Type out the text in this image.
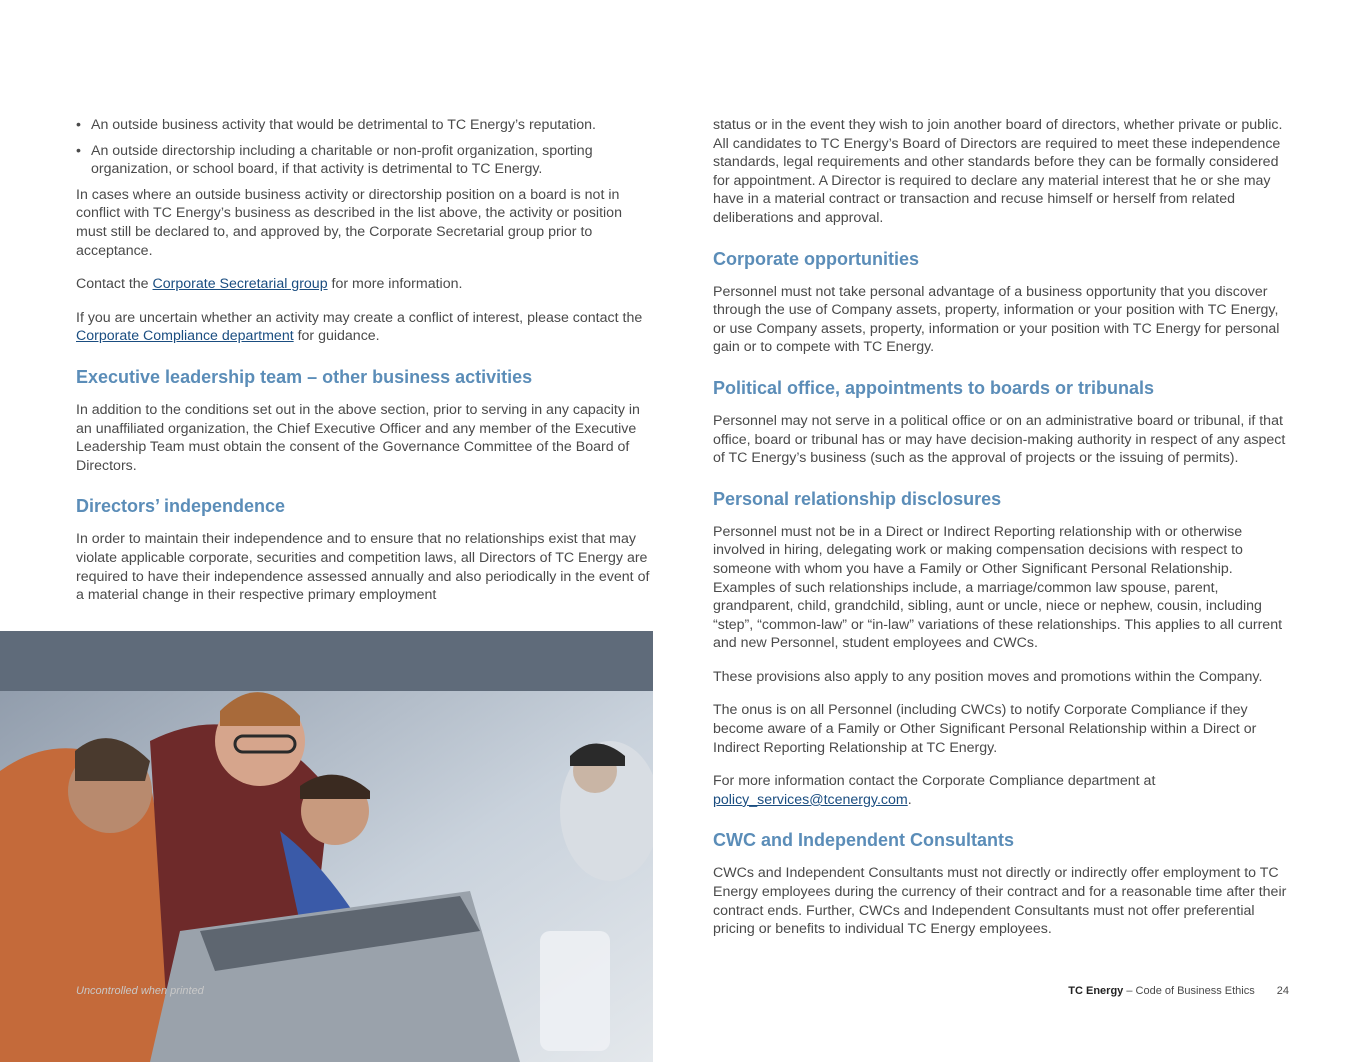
• An outside business activity that would be detrimental to TC Energy’s reputation.
• An outside directorship including a charitable or non-profit organization, sporting organization, or school board, if that activity is detrimental to TC Energy.

In cases where an outside business activity or directorship position on a board is not in conflict with TC Energy’s business as described in the list above, the activity or position must still be declared to, and approved by, the Corporate Secretarial group prior to acceptance.

Contact the Corporate Secretarial group for more information.

If you are uncertain whether an activity may create a conflict of interest, please contact the Corporate Compliance department for guidance.

Executive leadership team – other business activities

In addition to the conditions set out in the above section, prior to serving in any capacity in an unaffiliated organization, the Chief Executive Officer and any member of the Executive Leadership Team must obtain the consent of the Governance Committee of the Board of Directors.

Directors’ independence

In order to maintain their independence and to ensure that no relationships exist that may violate applicable corporate, securities and competition laws, all Directors of TC Energy are required to have their independence assessed annually and also periodically in the event of a material change in their respective primary employment

status or in the event they wish to join another board of directors, whether private or public. All candidates to TC Energy’s Board of Directors are required to meet these independence standards, legal requirements and other standards before they can be formally considered for appointment. A Director is required to declare any material interest that he or she may have in a material contract or transaction and recuse himself or herself from related deliberations and approval.

Corporate opportunities

Personnel must not take personal advantage of a business opportunity that you discover through the use of Company assets, property, information or your position with TC Energy, or use Company assets, property, information or your position with TC Energy for personal gain or to compete with TC Energy.

Political office, appointments to boards or tribunals

Personnel may not serve in a political office or on an administrative board or tribunal, if that office, board or tribunal has or may have decision-making authority in respect of any aspect of TC Energy’s business (such as the approval of projects or the issuing of permits).

Personal relationship disclosures

Personnel must not be in a Direct or Indirect Reporting relationship with or otherwise involved in hiring, delegating work or making compensation decisions with respect to someone with whom you have a Family or Other Significant Personal Relationship. Examples of such relationships include, a marriage/common law spouse, parent, grandparent, child, grandchild, sibling, aunt or uncle, niece or nephew, cousin, including “step”, “common-law” or “in-law” variations of these relationships. This applies to all current and new Personnel, student employees and CWCs.

These provisions also apply to any position moves and promotions within the Company.

The onus is on all Personnel (including CWCs) to notify Corporate Compliance if they become aware of a Family or Other Significant Personal Relationship within a Direct or Indirect Reporting Relationship at TC Energy.

For more information contact the Corporate Compliance department at policy_services@tcenergy.com.

CWC and Independent Consultants

CWCs and Independent Consultants must not directly or indirectly offer employment to TC Energy employees during the currency of their contract and for a reasonable time after their contract ends. Further, CWCs and Independent Consultants must not offer preferential pricing or benefits to individual TC Energy employees.

Uncontrolled when printed	TC Energy – Code of Business Ethics 24
